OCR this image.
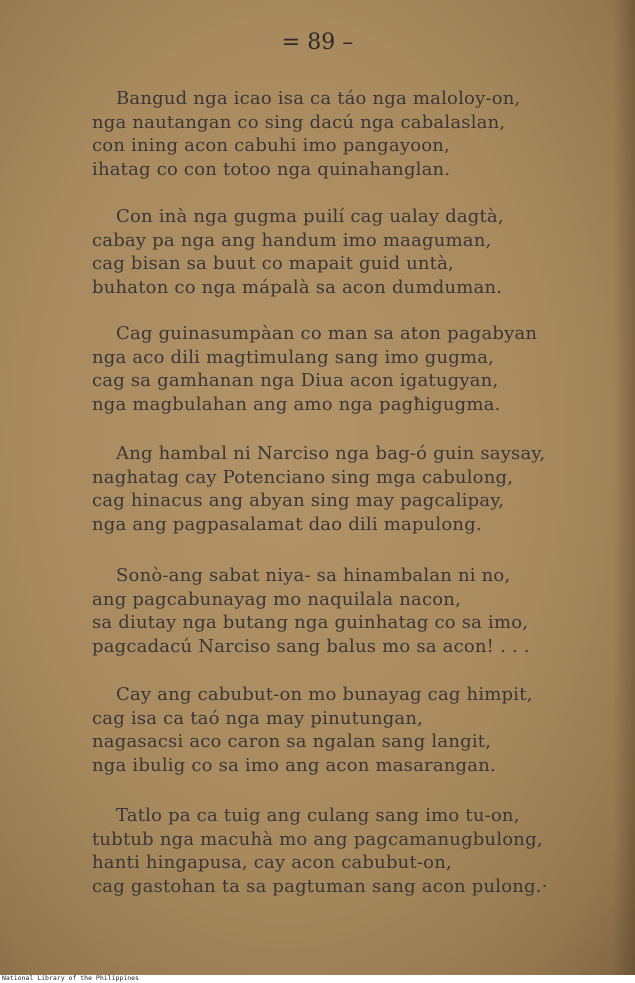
= 89 –
Bangud nga icao isa ca táo nga maloloy-on,
nga nautangan co sing dacú nga cabalaslan,
con ining acon cabuhi imo pangayoon,
ihatag co con totoo nga quinahanglan.
Con inà nga gugma puilí cag ualay dagtà,
cabay pa nga ang handum imo maaguman,
cag bisan sa buut co mapait guid untà,
buhaton co nga mápalà sa acon dumduman.
Cag guinasumpàan co man sa aton pagabyan
nga aco dili magtimulang sang imo gugma,
cag sa gamhanan nga Diua acon igatugyan,
nga magbulahan ang amo nga pagħigugma.
Ang hambal ni Narciso nga bag-ó guin saysay,
naghatag cay Potenciano sing mga cabulong,
cag hinacus ang abyan sing may pagcalipay,
nga ang pagpasalamat dao dili mapulong.
Sonò-ang sabat niya- sa hinambalan ni no,
ang pagcabunayag mo naquilala nacon,
sa diutay nga butang nga guinhatag co sa imo,
pagcadacú Narciso sang balus mo sa acon! . . .
Cay ang cabubut-on mo bunayag cag himpit,
cag isa ca taó nga may pinutungan,
nagasacsi aco caron sa ngalan sang langit,
nga ibulig co sa imo ang acon masarangan.
Tatlo pa ca tuig ang culang sang imo tu-on,
tubtub nga macuhà mo ang pagcamanugbulong,
hanti hingapusa, cay acon cabubut-on,
cag gastohan ta sa pagtuman sang acon pulong.·
National Library of the Philippines
